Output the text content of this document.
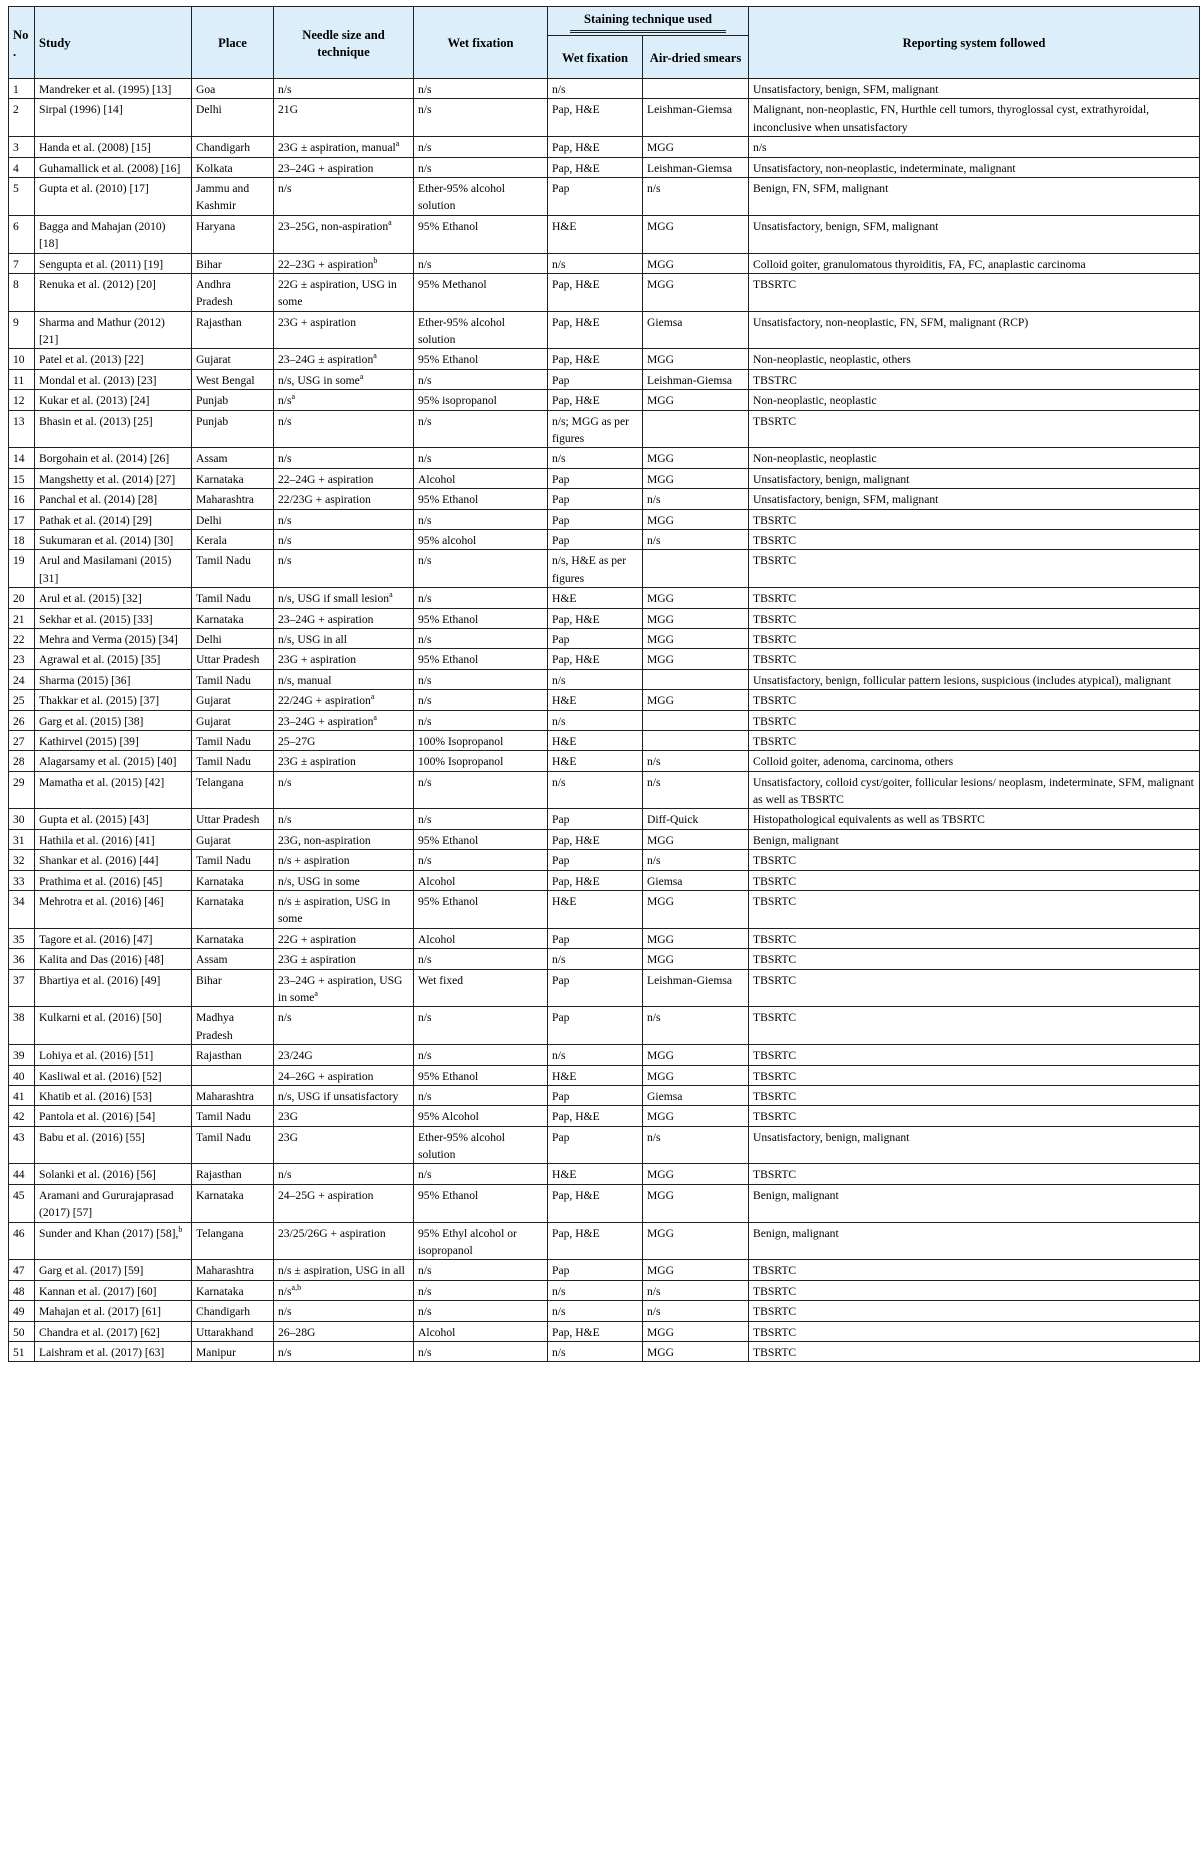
No.	Study	Place	Needle size and technique	Wet fixation	Staining technique used		Reporting system followed
					Wet fixation	Air-dried smears	
1	Mandreker et al. (1995) [13]	Goa	n/s	n/s	n/s		Unsatisfactory, benign, SFM, malignant
2	Sirpal (1996) [14]	Delhi	21G	n/s	Pap, H&E	Leishman-Giemsa	Malignant, non-neoplastic, FN, Hurthle cell tumors, thyroglossal cyst, extrathyroidal, inconclusive when unsatisfactory
3	Handa et al. (2008) [15]	Chandigarh	23G ± aspiration, manual$^a$	n/s	Pap, H&E	MGG	n/s
4	Guhamallick et al. (2008) [16]	Kolkata	23–24G + aspiration	n/s	Pap, H&E	Leishman-Giemsa	Unsatisfactory, non-neoplastic, indeterminate, malignant
5	Gupta et al. (2010) [17]	Jammu and Kashmir	n/s	Ether-95% alcohol solution	Pap	n/s	Benign, FN, SFM, malignant
6	Bagga and Mahajan (2010) [18]	Haryana	23–25G, non-aspiration$^a$	95% Ethanol	H&E	MGG	Unsatisfactory, benign, SFM, malignant
7	Sengupta et al. (2011) [19]	Bihar	22–23G + aspiration$^b$	n/s	n/s	MGG	Colloid goiter, granulomatous thyroiditis, FA, FC, anaplastic carcinoma
8	Renuka et al. (2012) [20]	Andhra Pradesh	22G ± aspiration, USG in some	95% Methanol	Pap, H&E	MGG	TBSRTC
9	Sharma and Mathur (2012) [21]	Rajasthan	23G + aspiration	Ether-95% alcohol solution	Pap, H&E	Giemsa	Unsatisfactory, non-neoplastic, FN, SFM, malignant (RCP)
10	Patel et al. (2013) [22]	Gujarat	23–24G ± aspiration$^a$	95% Ethanol	Pap, H&E	MGG	Non-neoplastic, neoplastic, others
11	Mondal et al. (2013) [23]	West Bengal	n/s, USG in some$^a$	n/s	Pap	Leishman-Giemsa	TBSTRC
12	Kukar et al. (2013) [24]	Punjab	$n/s^a$	95% isopropanol	Pap, H&E	MGG	Non-neoplastic, neoplastic
13	Bhasin et al. (2013) [25]	Punjab	n/s	n/s	n/s; MGG as per figures		TBSRTC
14	Borgohain et al. (2014) [26]	Assam	n/s	n/s	n/s	MGG	Non-neoplastic, neoplastic
15	Mangshetty et al. (2014) [27]	Karnataka	22–24G + aspiration	Alcohol	Pap	MGG	Unsatisfactory, benign, malignant
16	Panchal et al. (2014) [28]	Maharashtra	22/23G + aspiration	95% Ethanol	Pap	n/s	Unsatisfactory, benign, SFM, malignant
17	Pathak et al. (2014) [29]	Delhi	n/s	n/s	Pap	MGG	TBSRTC
18	Sukumaran et al. (2014) [30]	Kerala	n/s	95% alcohol	Pap	n/s	TBSRTC
19	Arul and Masilamani (2015) [31]	Tamil Nadu	n/s	n/s	n/s, H&E as per figures		TBSRTC
20	Arul et al. (2015) [32]	Tamil Nadu	n/s, USG if small lesion$^a$	n/s	H&E	MGG	TBSRTC
21	Sekhar et al. (2015) [33]	Karnataka	23–24G + aspiration	95% Ethanol	Pap, H&E	MGG	TBSRTC
22	Mehra and Verma (2015) [34]	Delhi	n/s, USG in all	n/s	Pap	MGG	TBSRTC
23	Agrawal et al. (2015) [35]	Uttar Pradesh	23G + aspiration	95% Ethanol	Pap, H&E	MGG	TBSRTC
24	Sharma (2015) [36]	Tamil Nadu	n/s, manual	n/s	n/s		Unsatisfactory, benign, follicular pattern lesions, suspicious (includes atypical), malignant
25	Thakkar et al. (2015) [37]	Gujarat	22/24G + aspiration$^a$	n/s	H&E	MGG	TBSRTC
26	Garg et al. (2015) [38]	Gujarat	23–24G + aspiration$^a$	n/s	n/s		TBSRTC
27	Kathirvel (2015) [39]	Tamil Nadu	25–27G	100% Isopropanol	H&E		TBSRTC
28	Alagarsamy et al. (2015) [40]	Tamil Nadu	23G ± aspiration	100% Isopropanol	H&E	n/s	Colloid goiter, adenoma, carcinoma, others
29	Mamatha et al. (2015) [42]	Telangana	n/s	n/s	n/s	n/s	Unsatisfactory, colloid cyst/goiter, follicular lesions/ neoplasm, indeterminate, SFM, malignant as well as TBSRTC
30	Gupta et al. (2015) [43]	Uttar Pradesh	n/s	n/s	Pap	Diff-Quick	Histopathological equivalents as well as TBSRTC
31	Hathila et al. (2016) [41]	Gujarat	23G, non-aspiration	95% Ethanol	Pap, H&E	MGG	Benign, malignant
32	Shankar et al. (2016) [44]	Tamil Nadu	n/s + aspiration	n/s	Pap	n/s	TBSRTC
33	Prathima et al. (2016) [45]	Karnataka	n/s, USG in some	Alcohol	Pap, H&E	Giemsa	TBSRTC
34	Mehrotra et al. (2016) [46]	Karnataka	n/s ± aspiration, USG in some	95% Ethanol	H&E	MGG	TBSRTC
35	Tagore et al. (2016) [47]	Karnataka	22G + aspiration	Alcohol	Pap	MGG	TBSRTC
36	Kalita and Das (2016) [48]	Assam	23G ± aspiration	n/s	n/s	MGG	TBSRTC
37	Bhartiya et al. (2016) [49]	Bihar	23–24G + aspiration, USG in some$^a$	Wet fixed	Pap	Leishman-Giemsa	TBSRTC
38	Kulkarni et al. (2016) [50]	Madhya Pradesh	n/s	n/s	Pap	n/s	TBSRTC
39	Lohiya et al. (2016) [51]	Rajasthan	23/24G	n/s	n/s	MGG	TBSRTC
40	Kasliwal et al. (2016) [52]		24–26G + aspiration	95% Ethanol	H&E	MGG	TBSRTC
41	Khatib et al. (2016) [53]	Maharashtra	n/s, USG if unsatisfactory	n/s	Pap	Giemsa	TBSRTC
42	Pantola et al. (2016) [54]	Tamil Nadu	23G	95% Alcohol	Pap, H&E	MGG	TBSRTC
43	Babu et al. (2016) [55]	Tamil Nadu	23G	Ether-95% alcohol solution	Pap	n/s	Unsatisfactory, benign, malignant
44	Solanki et al. (2016) [56]	Rajasthan	n/s	n/s	H&E	MGG	TBSRTC
45	Aramani and Gururajaprasad (2017) [57]	Karnataka	24–25G + aspiration	95% Ethanol	Pap, H&E	MGG	Benign, malignant
46	Sunder and Khan (2017) [58],$^b$	Telangana	23/25/26G + aspiration	95% Ethyl alcohol or isopropanol	Pap, H&E	MGG	Benign, malignant
47	Garg et al. (2017) [59]	Maharashtra	n/s ± aspiration, USG in all	n/s	Pap	MGG	TBSRTC
48	Kannan et al. (2017) [60]	Karnataka	$n/s^{a,b}$	n/s	n/s	n/s	TBSRTC
49	Mahajan et al. (2017) [61]	Chandigarh	n/s	n/s	n/s	n/s	TBSRTC
50	Chandra et al. (2017) [62]	Uttarakhand	26–28G	Alcohol	Pap, H&E	MGG	TBSRTC
51	Laishram et al. (2017) [63]	Manipur	n/s	n/s	n/s	MGG	TBSRTC
